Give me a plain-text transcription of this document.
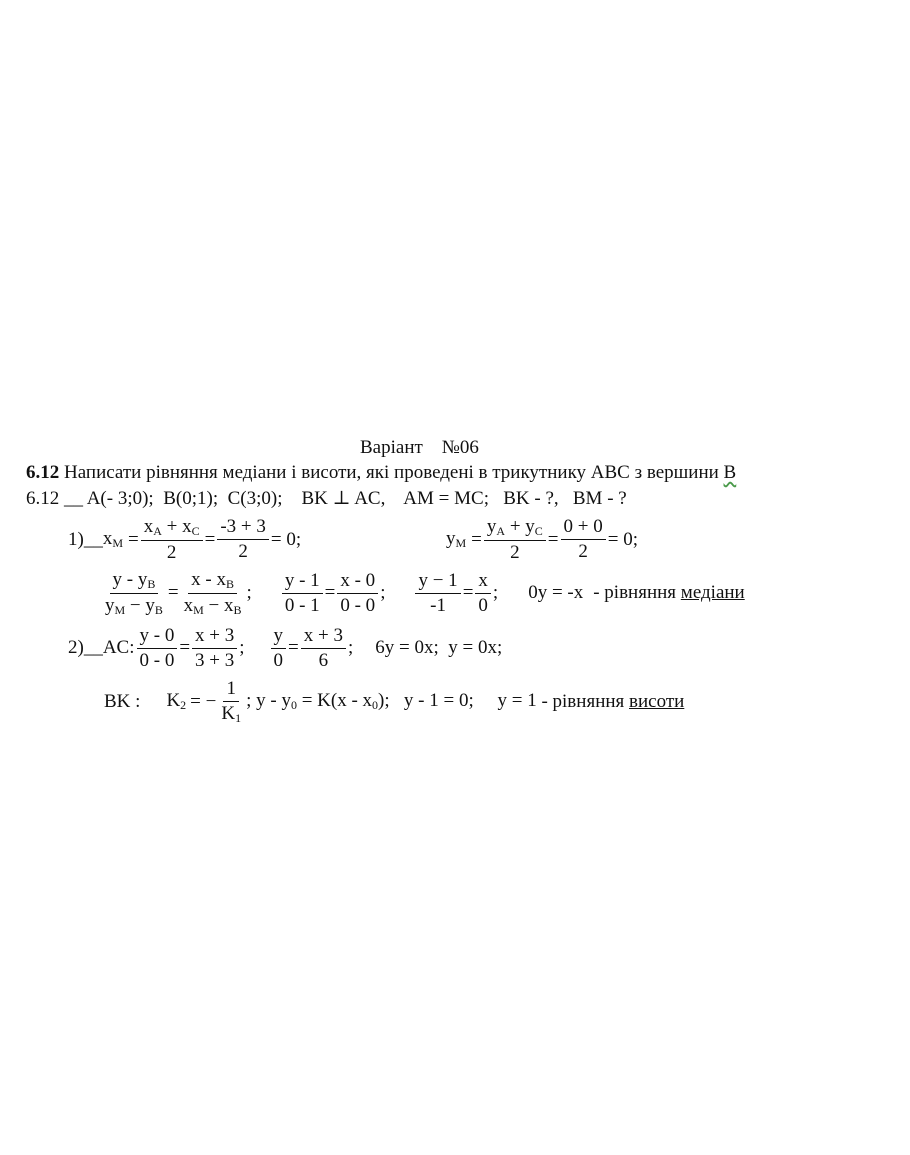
Варіант    №06
6.12
Написати рівняння медіани і висоти, які проведені в трикутнику АВС з вершини В
6.12 __ A(- 3;0);  B(0;1);  C(3;0);    BK ⊥ AC,    AM = MC;   BK - ?,   BM - ?
1)__ $x_M = \frac{x_A + x_C}{2} = \frac{-3 + 3}{2} = 0$;	$y_M = \frac{y_A + y_C}{2} = \frac{0 + 0}{2} = 0$;
$\frac{y - y_B}{y_M - y_B} = \frac{x - x_B}{x_M - x_B}$ ; $\frac{y - 1}{0 - 1} = \frac{x - 0}{0 - 0}$ ; $\frac{y - 1}{-1} = \frac{x}{0}$ ; 0y = -x - рівняння медіани
2)__AC: $\frac{y - 0}{0 - 0} = \frac{x + 3}{3 + 3}$ ; $\frac{y}{0} = \frac{x + 3}{6}$ ; 6y = 0x;  y = 0x;
BK : $K_2$ = − $\frac{1}{K_1}$ ; $y - y_0 = K(x - x_0)$;   y - 1 = 0;     y = 1 - рівняння висоти
